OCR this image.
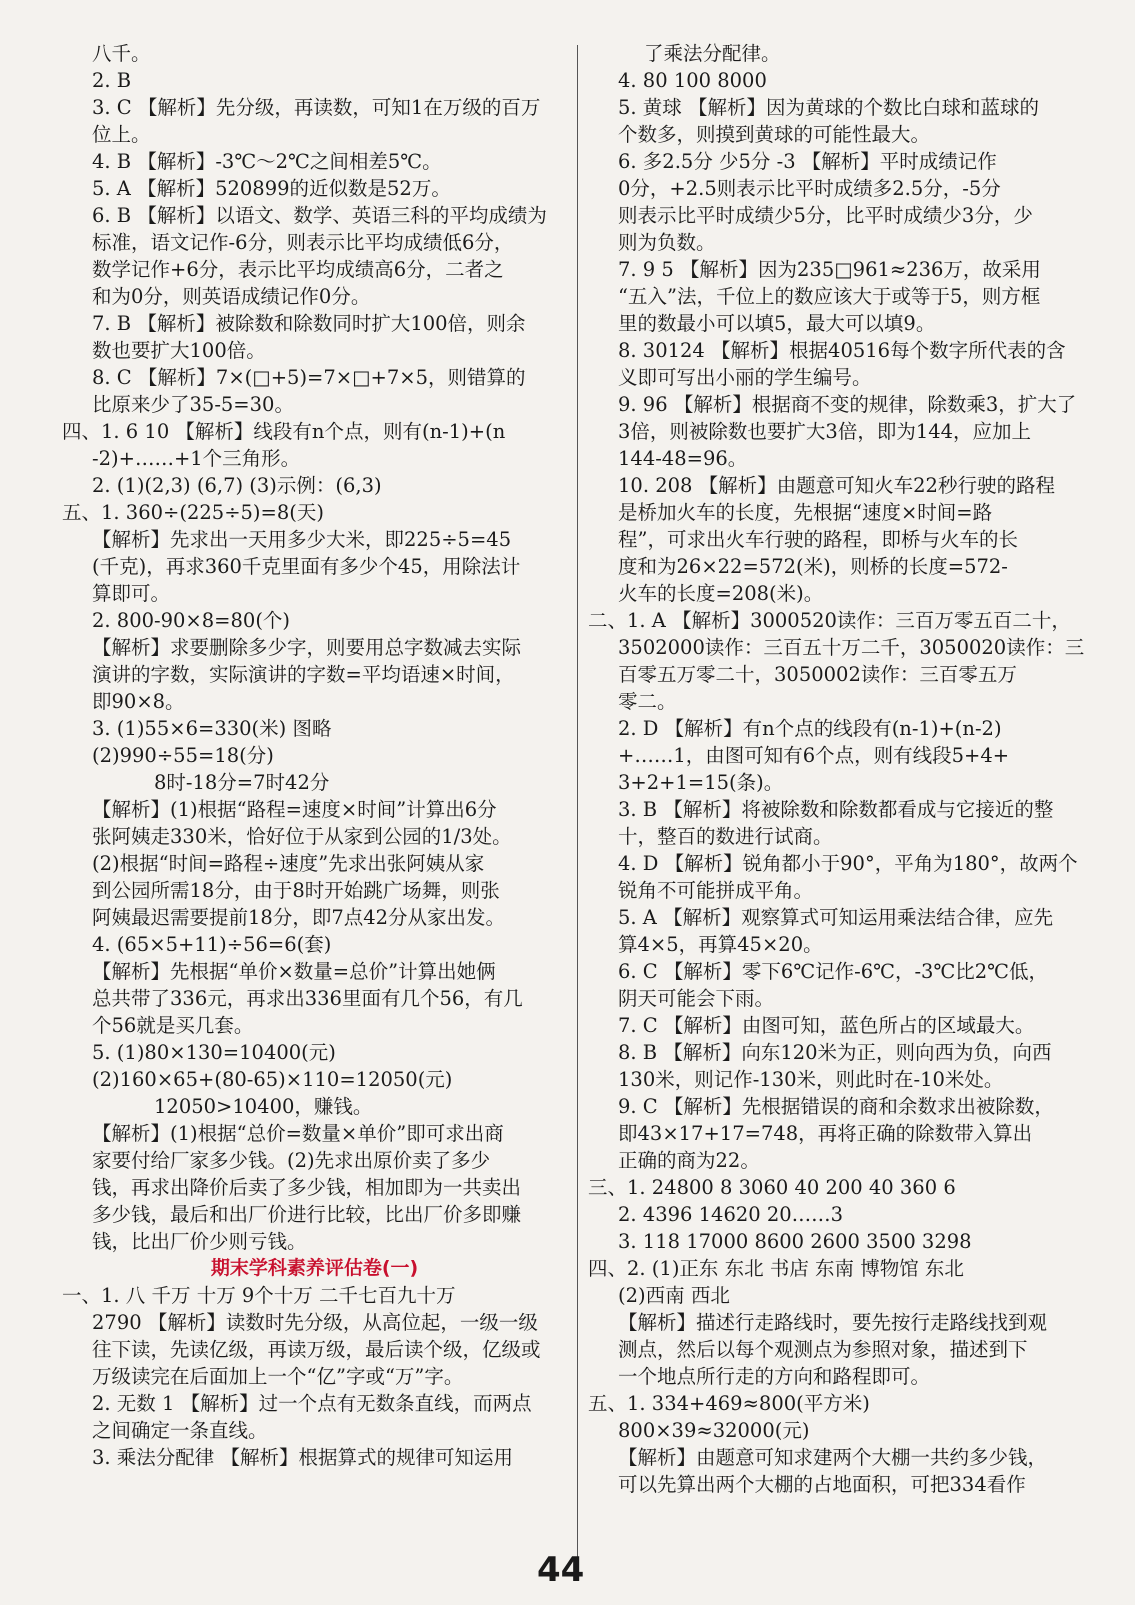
八千。
2. B
3. C 【解析】先分级，再读数，可知1在万级的百万
位上。
4. B 【解析】-3℃～2℃之间相差5℃。
5. A 【解析】520899的近似数是52万。
6. B 【解析】以语文、数学、英语三科的平均成绩为
标准，语文记作-6分，则表示比平均成绩低6分，
数学记作+6分，表示比平均成绩高6分，二者之
和为0分，则英语成绩记作0分。
7. B 【解析】被除数和除数同时扩大100倍，则余
数也要扩大100倍。
8. C 【解析】7×(□+5)=7×□+7×5，则错算的
比原来少了35-5=30。
四、1. 6 10 【解析】线段有n个点，则有(n-1)+(n
-2)+……+1个三角形。
2. (1)(2,3) (6,7) (3)示例：(6,3)
五、1. 360÷(225÷5)=8(天)
【解析】先求出一天用多少大米，即225÷5=45
(千克)，再求360千克里面有多少个45，用除法计
算即可。
2. 800-90×8=80(个)
【解析】求要删除多少字，则要用总字数减去实际
演讲的字数，实际演讲的字数=平均语速×时间，
即90×8。
3. (1)55×6=330(米) 图略
(2)990÷55=18(分)
8时-18分=7时42分
【解析】(1)根据“路程=速度×时间”计算出6分
张阿姨走330米，恰好位于从家到公园的1/3处。
(2)根据“时间=路程÷速度”先求出张阿姨从家
到公园所需18分，由于8时开始跳广场舞，则张
阿姨最迟需要提前18分，即7点42分从家出发。
4. (65×5+11)÷56=6(套)
【解析】先根据“单价×数量=总价”计算出她俩
总共带了336元，再求出336里面有几个56，有几
个56就是买几套。
5. (1)80×130=10400(元)
(2)160×65+(80-65)×110=12050(元)
12050>10400，赚钱。
【解析】(1)根据“总价=数量×单价”即可求出商
家要付给厂家多少钱。(2)先求出原价卖了多少
钱，再求出降价后卖了多少钱，相加即为一共卖出
多少钱，最后和出厂价进行比较，比出厂价多即赚
钱，比出厂价少则亏钱。
期末学科素养评估卷(一)
一、1. 八 千万 十万 9个十万 二千七百九十万
2790 【解析】读数时先分级，从高位起，一级一级
往下读，先读亿级，再读万级，最后读个级，亿级或
万级读完在后面加上一个“亿”字或“万”字。
2. 无数 1 【解析】过一个点有无数条直线，而两点
之间确定一条直线。
3. 乘法分配律 【解析】根据算式的规律可知运用
了乘法分配律。
4. 80 100 8000
5. 黄球 【解析】因为黄球的个数比白球和蓝球的
个数多，则摸到黄球的可能性最大。
6. 多2.5分 少5分 -3 【解析】平时成绩记作
0分，+2.5则表示比平时成绩多2.5分，-5分
则表示比平时成绩少5分，比平时成绩少3分，少
则为负数。
7. 9 5 【解析】因为235□961≈236万，故采用
“五入”法，千位上的数应该大于或等于5，则方框
里的数最小可以填5，最大可以填9。
8. 30124 【解析】根据40516每个数字所代表的含
义即可写出小丽的学生编号。
9. 96 【解析】根据商不变的规律，除数乘3，扩大了
3倍，则被除数也要扩大3倍，即为144，应加上
144-48=96。
10. 208 【解析】由题意可知火车22秒行驶的路程
是桥加火车的长度，先根据“速度×时间=路
程”，可求出火车行驶的路程，即桥与火车的长
度和为26×22=572(米)，则桥的长度=572-
火车的长度=208(米)。
二、1. A 【解析】3000520读作：三百万零五百二十，
3502000读作：三百五十万二千，3050020读作：三
百零五万零二十，3050002读作：三百零五万
零二。
2. D 【解析】有n个点的线段有(n-1)+(n-2)
+……1，由图可知有6个点，则有线段5+4+
3+2+1=15(条)。
3. B 【解析】将被除数和除数都看成与它接近的整
十，整百的数进行试商。
4. D 【解析】锐角都小于90°，平角为180°，故两个
锐角不可能拼成平角。
5. A 【解析】观察算式可知运用乘法结合律，应先
算4×5，再算45×20。
6. C 【解析】零下6℃记作-6℃，-3℃比2℃低，
阴天可能会下雨。
7. C 【解析】由图可知，蓝色所占的区域最大。
8. B 【解析】向东120米为正，则向西为负，向西
130米，则记作-130米，则此时在-10米处。
9. C 【解析】先根据错误的商和余数求出被除数，
即43×17+17=748，再将正确的除数带入算出
正确的商为22。
三、1. 24800 8 3060 40 200 40 360 6
2. 4396 14620 20……3
3. 118 17000 8600 2600 3500 3298
四、2. (1)正东 东北 书店 东南 博物馆 东北
(2)西南 西北
【解析】描述行走路线时，要先按行走路线找到观
测点，然后以每个观测点为参照对象，描述到下
一个地点所行走的方向和路程即可。
五、1. 334+469≈800(平方米)
800×39≈32000(元)
【解析】由题意可知求建两个大棚一共约多少钱，
可以先算出两个大棚的占地面积，可把334看作
44
